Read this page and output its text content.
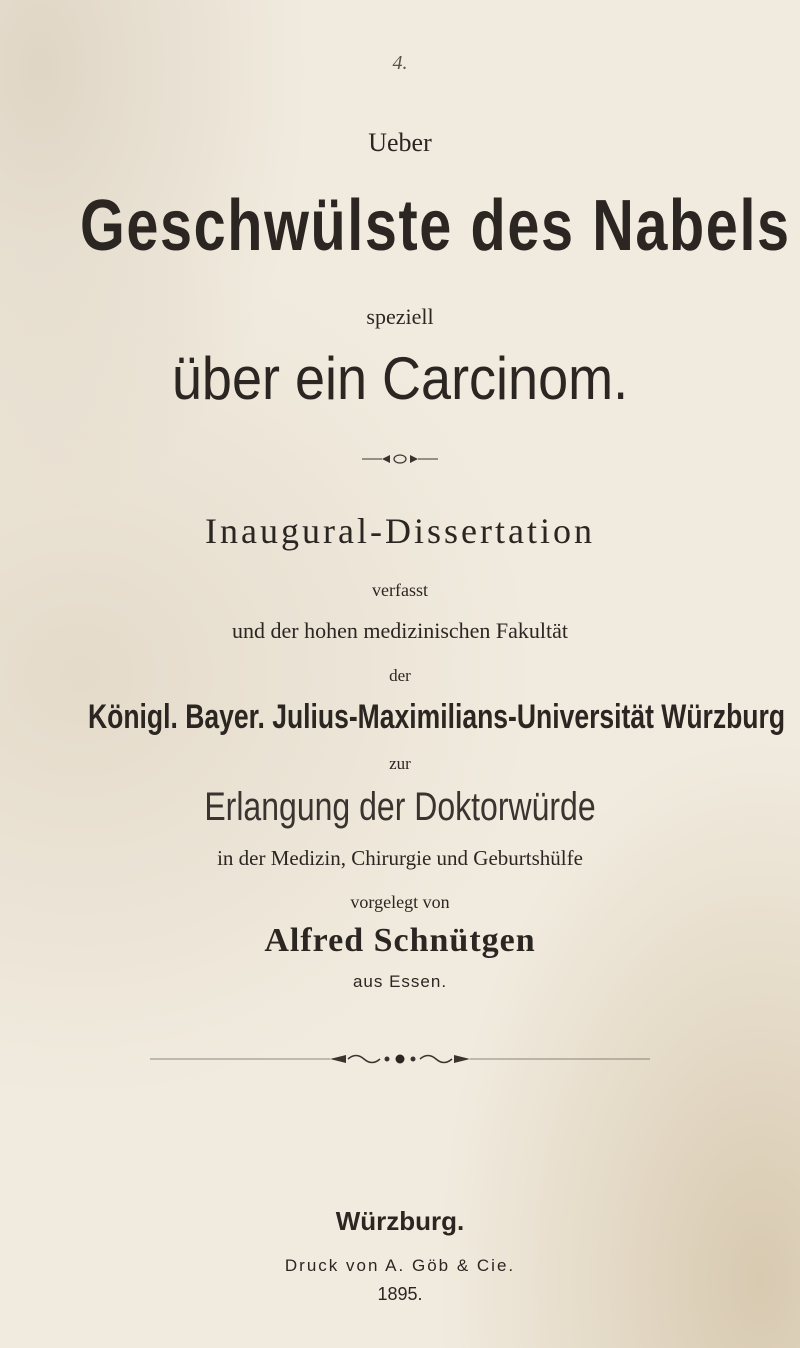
4.
Ueber
Geschwülste des Nabels
speziell
über ein Carcinom.
Inaugural-Dissertation
verfasst
und der hohen medizinischen Fakultät
der
Königl. Bayer. Julius-Maximilians-Universität Würzburg
zur
Erlangung der Doktorwürde
in der Medizin, Chirurgie und Geburtshülfe
vorgelegt von
Alfred Schnütgen
aus Essen.
Würzburg.
Druck von A. Göb & Cie.
1895.
